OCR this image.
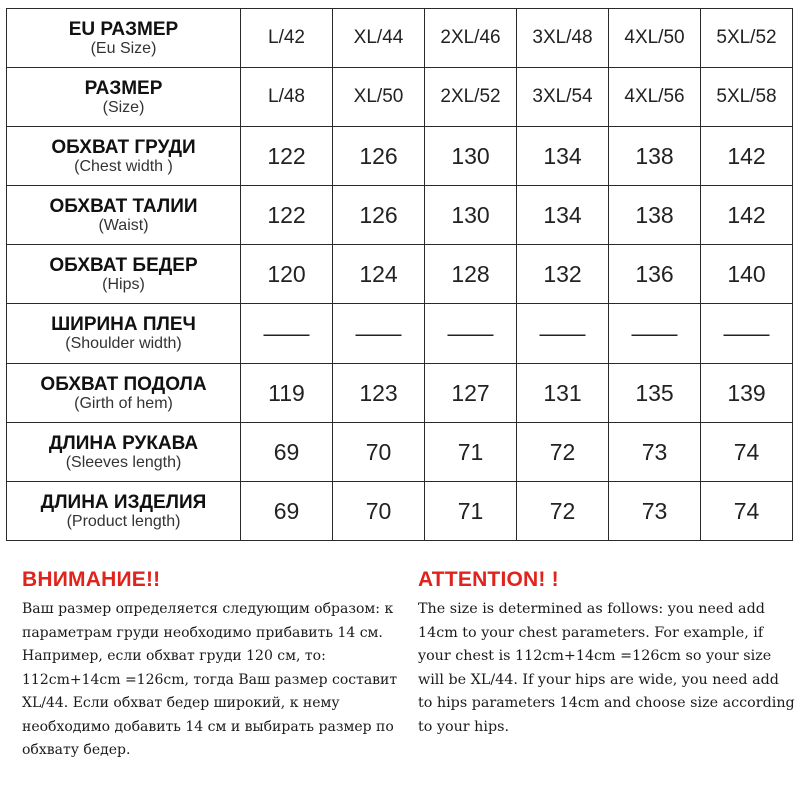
EU РАЗМЕР
(Eu Size)	L/42	XL/44	2XL/46	3XL/48	4XL/50	5XL/52

РАЗМЕР
(Size)	L/48	XL/50	2XL/52	3XL/54	4XL/56	5XL/58

ОБХВАТ ГРУДИ
(Chest width )	122	126	130	134	138	142

ОБХВАТ ТАЛИИ
(Waist)	122	126	130	134	138	142

ОБХВАТ БЕДЕР
(Hips)	120	124	128	132	136	140

ШИРИНА ПЛЕЧ
(Shoulder width)	——	——	——	——	——	——

ОБХВАТ ПОДОЛА
(Girth of hem)	119	123	127	131	135	139

ДЛИНА РУКАВА
(Sleeves length)	69	70	71	72	73	74

ДЛИНА ИЗДЕЛИЯ
(Product length)	69	70	71	72	73	74
ВНИМАНИЕ!!

Ваш размер определяется следующим образом: к параметрам груди необходимо прибавить 14 см. Например, если обхват груди 120 см, то: 112cm+14cm =126cm, тогда Ваш размер составит XL/44. Если обхват бедер широкий, к нему необходимо добавить 14 см и выбирать размер по обхвату бедер.

ATTENTION! !

The size is determined as follows: you need add 14cm to your chest parameters. For example, if your chest is 112cm+14cm =126cm so your size will be XL/44. If your hips are wide, you need add to hips parameters 14cm and choose size according to your hips.
